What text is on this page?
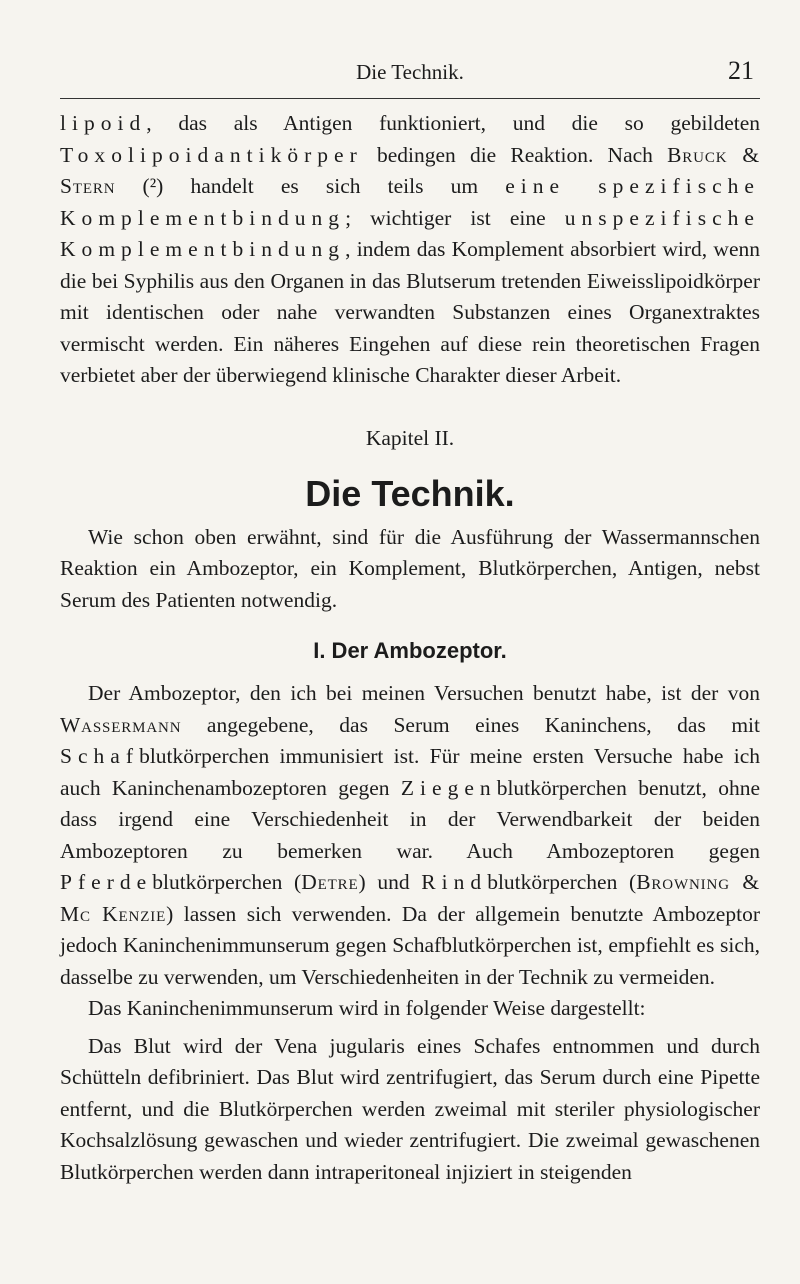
Die Technik.	21

lipoid, das als Antigen funktioniert, und die so gebildeten Toxolipoidantikörper bedingen die Reaktion. Nach Bruck & Stern (²) handelt es sich teils um eine spezifische Komplementbindung; wichtiger ist eine unspezifische Komplementbindung, indem das Komplement absorbiert wird, wenn die bei Syphilis aus den Organen in das Blutserum tretenden Eiweisslipoidkörper mit identischen oder nahe verwandten Substanzen eines Organextraktes vermischt werden. Ein näheres Eingehen auf diese rein theoretischen Fragen verbietet aber der überwiegend klinische Charakter dieser Arbeit.

Kapitel II.
Die Technik.

Wie schon oben erwähnt, sind für die Ausführung der Wassermannschen Reaktion ein Ambozeptor, ein Komplement, Blutkörperchen, Antigen, nebst Serum des Patienten notwendig.

I. Der Ambozeptor.

Der Ambozeptor, den ich bei meinen Versuchen benutzt habe, ist der von Wassermann angegebene, das Serum eines Kaninchens, das mit Schafblutkörperchen immunisiert ist. Für meine ersten Versuche habe ich auch Kaninchenambozeptoren gegen Ziegenblutkörperchen benutzt, ohne dass irgend eine Verschiedenheit in der Verwendbarkeit der beiden Ambozeptoren zu bemerken war. Auch Ambozeptoren gegen Pferdeblutkörperchen (Detre) und Rindblutkörperchen (Browning & Mc Kenzie) lassen sich verwenden. Da der allgemein benutzte Ambozeptor jedoch Kaninchenimmunserum gegen Schafblutkörperchen ist, empfiehlt es sich, dasselbe zu verwenden, um Verschiedenheiten in der Technik zu vermeiden.

Das Kaninchenimmunserum wird in folgender Weise dargestellt:

Das Blut wird der Vena jugularis eines Schafes entnommen und durch Schütteln defibriniert. Das Blut wird zentrifugiert, das Serum durch eine Pipette entfernt, und die Blutkörperchen werden zweimal mit steriler physiologischer Kochsalzlösung gewaschen und wieder zentrifugiert. Die zweimal gewaschenen Blutkörperchen werden dann intraperitoneal injiziert in steigenden
